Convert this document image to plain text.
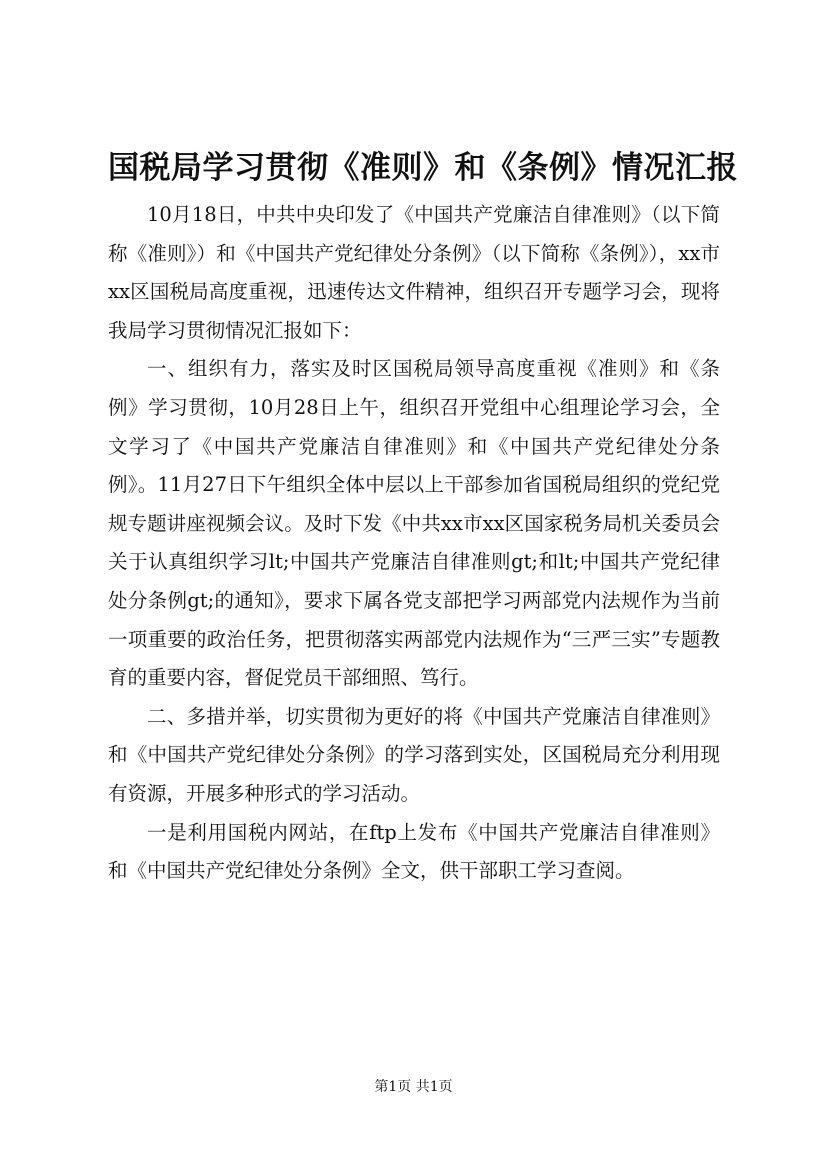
国税局学习贯彻《准则》和《条例》情况汇报

10月18日，中共中央印发了《中国共产党廉洁自律准则》（以下简称《准则》）和《中国共产党纪律处分条例》（以下简称《条例》），xx市xx区国税局高度重视，迅速传达文件精神，组织召开专题学习会，现将我局学习贯彻情况汇报如下：

一、组织有力，落实及时区国税局领导高度重视《准则》和《条例》学习贯彻，10月28日上午，组织召开党组中心组理论学习会，全文学习了《中国共产党廉洁自律准则》和《中国共产党纪律处分条例》。11月27日下午组织全体中层以上干部参加省国税局组织的党纪党规专题讲座视频会议。及时下发《中共xx市xx区国家税务局机关委员会关于认真组织学习lt;中国共产党廉洁自律准则gt;和lt;中国共产党纪律处分条例gt;的通知》，要求下属各党支部把学习两部党内法规作为当前一项重要的政治任务，把贯彻落实两部党内法规作为“三严三实”专题教育的重要内容，督促党员干部细照、笃行。

二、多措并举，切实贯彻为更好的将《中国共产党廉洁自律准则》和《中国共产党纪律处分条例》的学习落到实处，区国税局充分利用现有资源，开展多种形式的学习活动。

一是利用国税内网站，在ftp上发布《中国共产党廉洁自律准则》和《中国共产党纪律处分条例》全文，供干部职工学习查阅。

第1页 共1页
